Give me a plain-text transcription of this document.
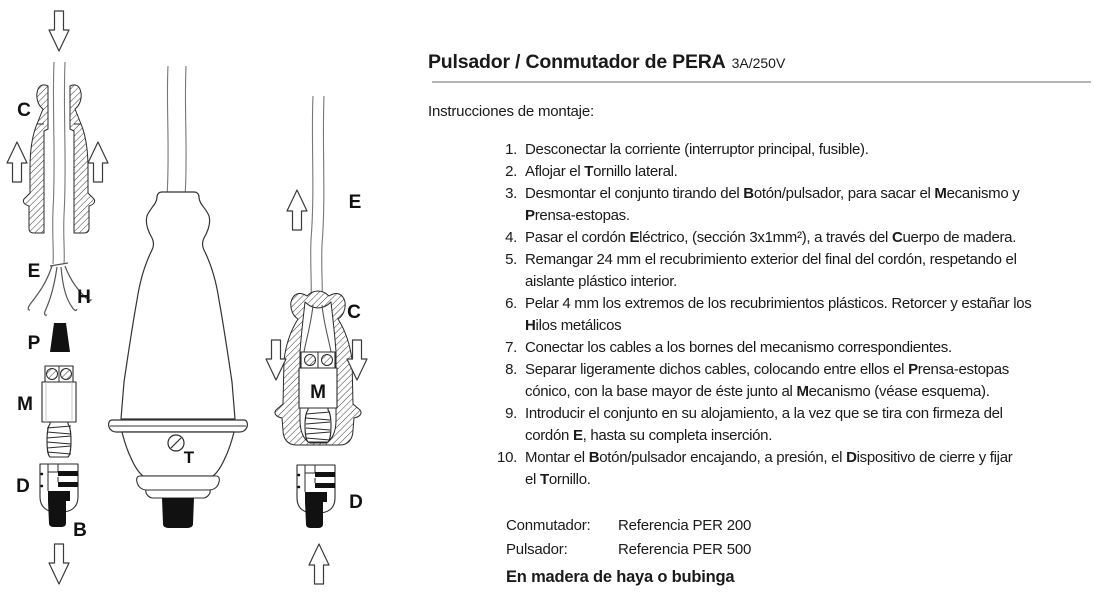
C
E
H
P
M
D
B
T
E
C
M
D
Pulsador / Conmutador de PERA 3A/250V
Instrucciones de montaje:
1. Desconectar la corriente (interruptor principal, fusible).
2. Aflojar el Tornillo lateral.
3. Desmontar el conjunto tirando del Botón/pulsador, para sacar el Mecanismo y
Prensa-estopas.
4. Pasar el cordón Eléctrico, (sección 3x1mm²), a través del Cuerpo de madera.
5. Remangar 24 mm el recubrimiento exterior del final del cordón, respetando el
aislante plástico interior.
6. Pelar 4 mm los extremos de los recubrimientos plásticos. Retorcer y estañar los
Hilos metálicos
7. Conectar los cables a los bornes del mecanismo correspondientes.
8. Separar ligeramente dichos cables, colocando entre ellos el Prensa-estopas
cónico, con la base mayor de éste junto al Mecanismo (véase esquema).
9. Introducir el conjunto en su alojamiento, a la vez que se tira con firmeza del
cordón E, hasta su completa inserción.
10. Montar el Botón/pulsador encajando, a presión, el Dispositivo de cierre y fijar
el Tornillo.
Conmutador: Referencia PER 200
Pulsador:	Referencia PER 500
En madera de haya o bubinga
